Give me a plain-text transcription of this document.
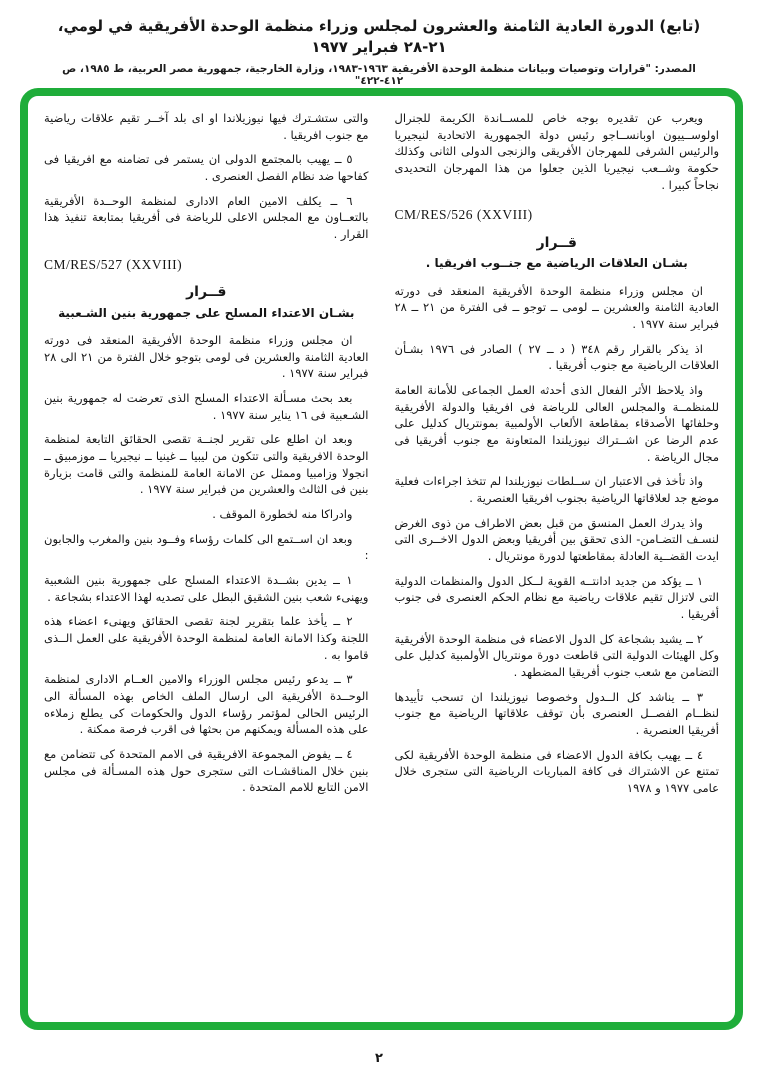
(تابع) الدورة العادية الثامنة والعشرون لمجلس وزراء منظمة الوحدة الأفريقية في لومي، ٢١-٢٨ فبراير ١٩٧٧
المصدر: "قرارات وتوصيات وبيانات منظمة الوحدة الأفريقية ١٩٦٣-١٩٨٣، وزارة الخارجية، جمهورية مصر العربية، ط ١٩٨٥، ص ٤١٢-٤٢٢"

ويعرب عن تقديره بوجه خاص للمســاندة الكريمة للجنرال اولوســييون اوبانســاجو رئيس دولة الجمهورية الاتحادية لنيجيريا والرئيس الشرفى للمهرجان الأفريقى والزنجى الدولى الثانى وكذلك حكومة وشــعب نيجيريا الذين جعلوا من هذا المهرجان التحديدى نجاحاً كبيرا .

CM/RES/526 (XXVIII)

قــرار

بشـان العلاقات الرياضية مع جنــوب افريقيا .

ان مجلس وزراء منظمة الوحدة الأفريقية المنعقد فى دورته العادية الثامنة والعشرين ــ لومى ــ توجو ــ فى الفترة من ٢١ ــ ٢٨ فبراير سنة ١٩٧٧ .

اذ يذكر بالقرار رقم ٣٤٨ ( د ــ ٢٧ ) الصادر فى ١٩٧٦ بشـأن العلاقات الرياضية مع جنوب أفريقيا .

واذ يلاحظ الأثر الفعال الذى أحدثه العمل الجماعى للأمانة العامة للمنظمــة والمجلس العالى للرياضة فى افريقيا والدولة الأفريقية وحلفائها الأصدقاء بمقاطعة الألعاب الأولمبية بمونتريال كدليل على عدم الرضا عن اشــتراك نيوزيلندا المتعاونة مع جنوب أفريقيا فى مجال الرياضة .

واذ تأخذ فى الاعتبار ان ســلطات نيوزيلندا لم تتخذ اجراءات فعلية موضع جد لعلاقاتها الرياضية بجنوب افريقيا العنصرية .

واذ يدرك العمل المنسق من قبل بعض الاطراف من ذوى الغرض لنسـف التضـامن- الذى تحقق بين أفريقيا وبعض الدول الاخــرى التى ايدت القضــية العادلة بمقاطعتها لدورة مونتريال .

١ ــ يؤكد من جديد ادانتــه القوية لــكل الدول والمنظمات الدولية التى لاتزال تقيم علاقات رياضية مع نظام الحكم العنصرى فى جنوب أفريقيا .

٢ ــ يشيد بشجاعة كل الدول الاعضاء فى منظمة الوحدة الأفريقية وكل الهيئات الدولية التى قاطعت دورة مونتريال الأولمبية كدليل على التضامن مع شعب جنوب أفريقيا المضطهد .

٣ ــ يناشد كل الــدول وخصوصا نيوزيلندا ان تسحب تأييدها لنظــام الفصــل العنصرى بأن توقف علاقاتها الرياضية مع جنوب أفريقيا العنصرية .

٤ ــ يهيب بكافة الدول الاعضاء فى منظمة الوحدة الأفريقية لكى تمتنع عن الاشتراك فى كافة المباريات الرياضية التى ستجرى خلال عامى ١٩٧٧ و ١٩٧٨

والتى ستشـترك فيها نيوزيلاندا او اى بلد آخــر تقيم علاقات رياضية مع جنوب افريقيا .

٥ ــ يهيب بالمجتمع الدولى ان يستمر فى تضامنه مع افريقيا فى كفاحها ضد نظام الفصل العنصرى .

٦ ــ يكلف الامين العام الادارى لمنظمة الوحــدة الأفريقية بالتعــاون مع المجلس الاعلى للرياضة فى أفريقيا بمتابعة تنفيذ هذا القرار .

CM/RES/527 (XXVIII)

قــرار

بشـان الاعتداء المسلح على جمهورية بنين الشـعبية

ان مجلس وزراء منظمة الوحدة الأفريقية المنعقد فى دورته العادية الثامنة والعشرين فى لومى بتوجو خلال الفترة من ٢١ الى ٢٨ فبراير سنة ١٩٧٧ .

بعد بحث مسـألة الاعتداء المسلح الذى تعرضت له جمهورية بنين الشـعبية فى ١٦ يناير سنة ١٩٧٧ .

وبعد ان اطلع على تقرير لجنــة تقصى الحقائق التابعة لمنظمة الوحدة الافريقية والتى تتكون من ليبيا ــ غينيا ــ نيجيريا ــ موزمبيق ــ انجولا وزامبيا وممثل عن الامانة العامة للمنظمة والتى قامت بزيارة بنين فى الثالث والعشرين من فبراير سنة ١٩٧٧ .

وادراكا منه لخطورة الموقف .

وبعد ان اســتمع الى كلمات رؤساء وفــود بنين والمغرب والجابون :

١ ــ يدين بشــدة الاعتداء المسلح على جمهورية بنين الشعبية ويهنىء شعب بنين الشقيق البطل على تصديه لهذا الاعتداء بشجاعة .

٢ ــ يأخذ علما بتقرير لجنة تقصى الحقائق ويهنىء اعضاء هذه اللجنة وكذا الامانة العامة لمنظمة الوحدة الأفريقية على العمل الــذى قاموا به .

٣ ــ يدعو رئيس مجلس الوزراء والامين العــام الادارى لمنظمة الوحــدة الأفريقية الى ارسال الملف الخاص بهذه المسألة الى الرئيس الحالى لمؤتمر رؤساء الدول والحكومات كى يطلع زملاءه على هذه المسألة ويمكنهم من بحثها فى اقرب فرصة ممكنة .

٤ ــ يفوض المجموعة الافريقية فى الامم المتحدة كى تتضامن مع بنين خلال المناقشـات التى ستجرى حول هذه المسـألة فى مجلس الامن التابع للامم المتحدة .

٢
